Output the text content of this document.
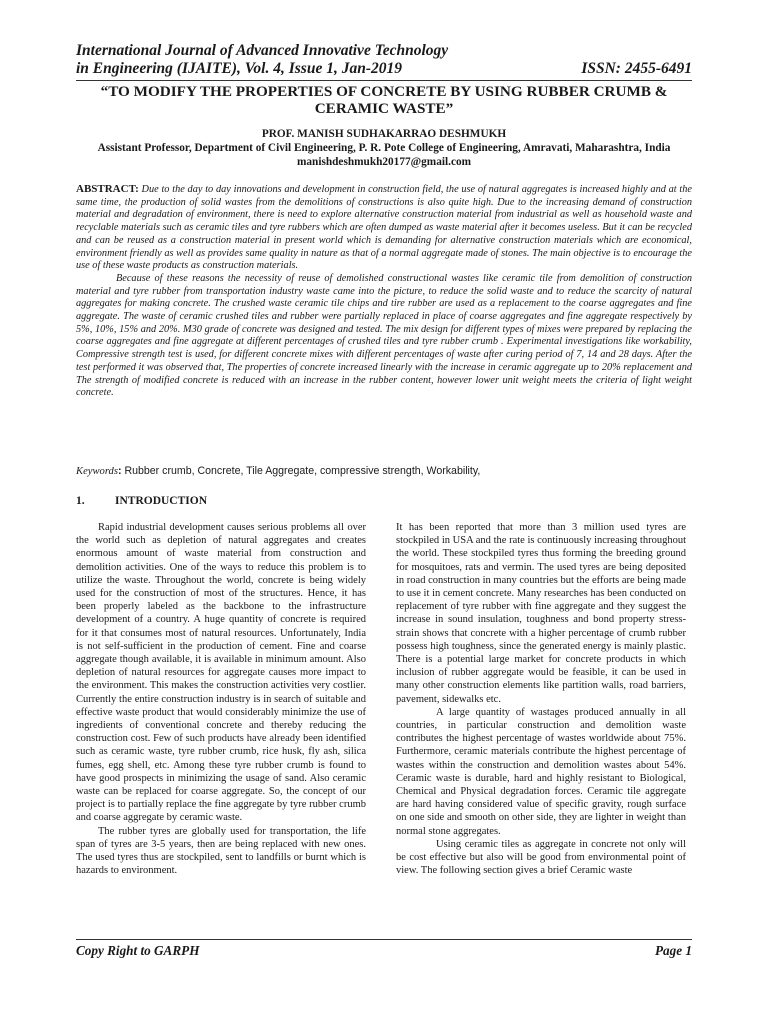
International Journal of Advanced Innovative Technology
in Engineering (IJAITE), Vol. 4, Issue 1, Jan-2019	ISSN: 2455-6491
“TO MODIFY THE PROPERTIES OF CONCRETE BY USING RUBBER CRUMB & CERAMIC WASTE”
PROF. MANISH SUDHAKARRAO DESHMUKH
Assistant Professor, Department of Civil Engineering, P. R. Pote College of Engineering, Amravati, Maharashtra, India
manishdeshmukh20177@gmail.com

ABSTRACT: Due to the day to day innovations and development in construction field, the use of natural aggregates is increased highly and at the same time, the production of solid wastes from the demolitions of constructions is also quite high. Due to the increasing demand of construction material and degradation of environment, there is need to explore alternative construction material from industrial as well as household waste and recyclable materials such as ceramic tiles and tyre rubbers which are often dumped as waste material after it becomes useless. But it can be recycled and can be reused as a construction material in present world which is demanding for alternative construction materials which are economical, environment friendly as well as provides same quality in nature as that of a normal aggregate made of stones. The main objective is to encourage the use of these waste products as construction materials.

Because of these reasons the necessity of reuse of demolished constructional wastes like ceramic tile from demolition of construction material and tyre rubber from transportation industry waste came into the picture, to reduce the solid waste and to reduce the scarcity of natural aggregates for making concrete. The crushed waste ceramic tile chips and tire rubber are used as a replacement to the coarse aggregates and fine aggregate. The waste of ceramic crushed tiles and rubber were partially replaced in place of coarse aggregates and fine aggregate respectively by 5%, 10%, 15% and 20%. M30 grade of concrete was designed and tested. The mix design for different types of mixes were prepared by replacing the coarse aggregates and fine aggregate at different percentages of crushed tiles and tyre rubber crumb . Experimental investigations like workability, Compressive strength test is used, for different concrete mixes with different percentages of waste after curing period of 7, 14 and 28 days. After the test performed it was observed that, The properties of concrete increased linearly with the increase in ceramic aggregate up to 20% replacement and The strength of modified concrete is reduced with an increase in the rubber content, however lower unit weight meets the criteria of light weight concrete.

Keywords: Rubber crumb, Concrete, Tile Aggregate, compressive strength, Workability,
1.	INTRODUCTION

Rapid industrial development causes serious problems all over the world such as depletion of natural aggregates and creates enormous amount of waste material from construction and demolition activities. One of the ways to reduce this problem is to utilize the waste. Throughout the world, concrete is being widely used for the construction of most of the structures. Hence, it has been properly labeled as the backbone to the infrastructure development of a country. A huge quantity of concrete is required for it that consumes most of natural resources. Unfortunately, India is not self-sufficient in the production of cement. Fine and coarse aggregate though available, it is available in minimum amount. Also depletion of natural resources for aggregate causes more impact to the environment. This makes the construction activities very costlier. Currently the entire construction industry is in search of suitable and effective waste product that would considerably minimize the use of ingredients of conventional concrete and thereby reducing the construction cost. Few of such products have already been identified such as ceramic waste, tyre rubber crumb, rice husk, fly ash, silica fumes, egg shell, etc. Among these tyre rubber crumb is found to have good prospects in minimizing the usage of sand. Also ceramic waste can be replaced for coarse aggregate. So, the concept of our project is to partially replace the fine aggregate by tyre rubber crumb and coarse aggregate by ceramic waste.

The rubber tyres are globally used for transportation, the life span of tyres are 3-5 years, then are being replaced with new ones. The used tyres thus are stockpiled, sent to landfills or burnt which is hazards to environment.

It has been reported that more than 3 million used tyres are stockpiled in USA and the rate is continuously increasing throughout the world. These stockpiled tyres thus forming the breeding ground for mosquitoes, rats and vermin. The used tyres are being deposited in road construction in many countries but the efforts are being made to use it in cement concrete. Many researches has been conducted on replacement of tyre rubber with fine aggregate and they suggest the increase in sound insulation, toughness and bond property stress-strain shows that concrete with a higher percentage of crumb rubber possess high toughness, since the generated energy is mainly plastic. There is a potential large market for concrete products in which inclusion of rubber aggregate would be feasible, it can be used in many other construction elements like partition walls, road barriers, pavement, sidewalks etc.

A large quantity of wastages produced annually in all countries, in particular construction and demolition waste contributes the highest percentage of wastes worldwide about 75%. Furthermore, ceramic materials contribute the highest percentage of wastes within the construction and demolition wastes about 54%. Ceramic waste is durable, hard and highly resistant to Biological, Chemical and Physical degradation forces. Ceramic tile aggregate are hard having considered value of specific gravity, rough surface on one side and smooth on other side, they are lighter in weight than normal stone aggregates.

Using ceramic tiles as aggregate in concrete not only will be cost effective but also will be good from environmental point of view. The following section gives a brief Ceramic waste

Copy Right to GARPH	Page 1
